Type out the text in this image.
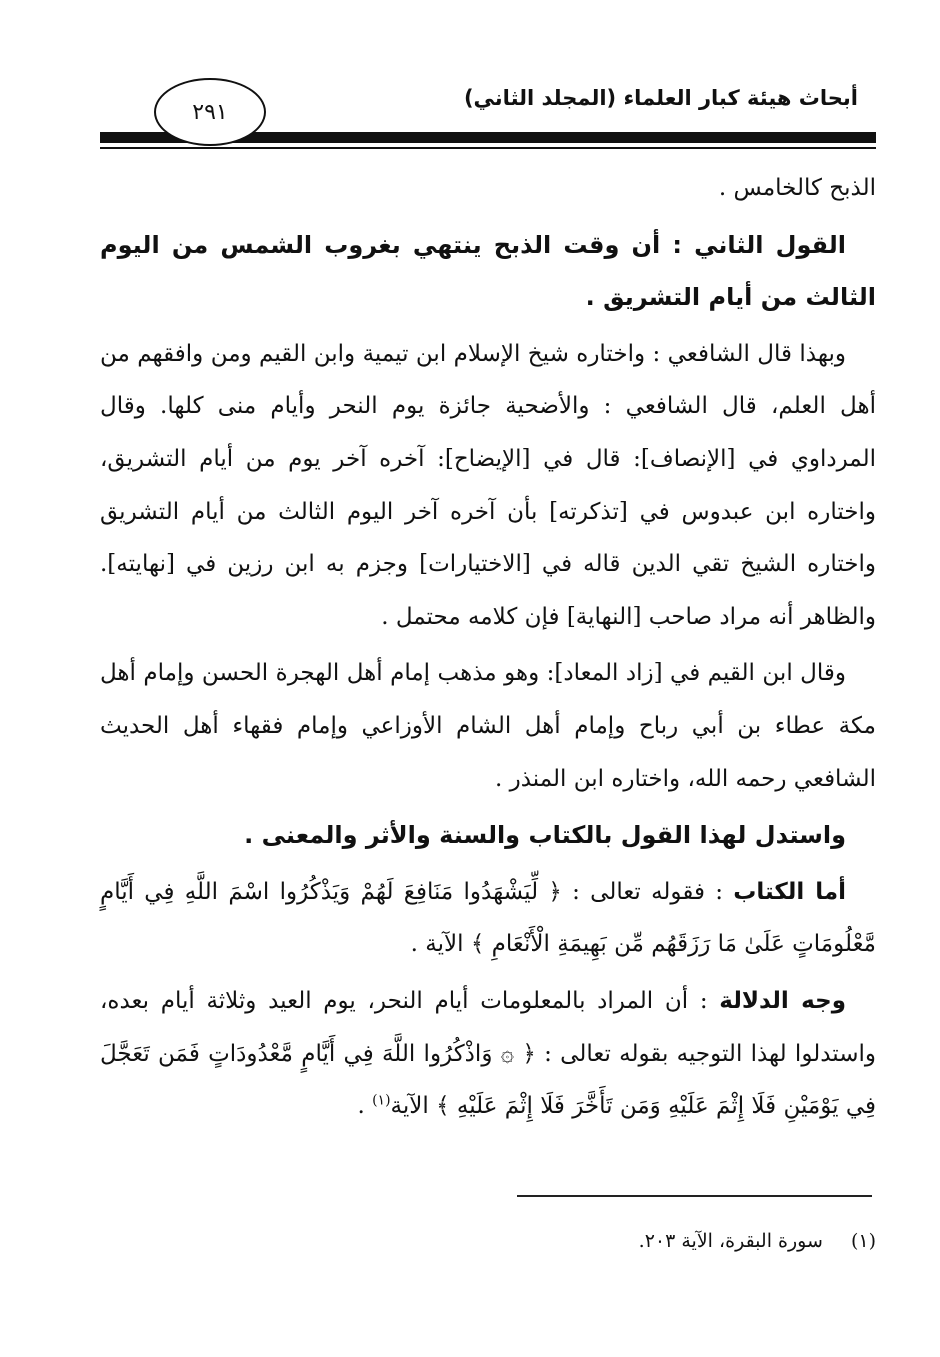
أبحاث هيئة كبار العلماء (المجلد الثاني)
٢٩١

الذبح كالخامس .

القول الثاني : أن وقت الذبح ينتهي بغروب الشمس من اليوم الثالث من أيام التشريق .

وبهذا قال الشافعي : واختاره شيخ الإسلام ابن تيمية وابن القيم ومن وافقهم من أهل العلم، قال الشافعي : والأضحية جائزة يوم النحر وأيام منى كلها. وقال المرداوي في [الإنصاف]: قال في [الإيضاح]: آخره آخر يوم من أيام التشريق، واختاره ابن عبدوس في [تذكرته] بأن آخره آخر اليوم الثالث من أيام التشريق واختاره الشيخ تقي الدين قاله في [الاختيارات] وجزم به ابن رزين في [نهايته]. والظاهر أنه مراد صاحب [النهاية] فإن كلامه محتمل .

وقال ابن القيم في [زاد المعاد]: وهو مذهب إمام أهل الهجرة الحسن وإمام أهل مكة عطاء بن أبي رباح وإمام أهل الشام الأوزاعي وإمام فقهاء أهل الحديث الشافعي رحمه الله، واختاره ابن المنذر .

واستدل لهذا القول بالكتاب والسنة والأثر والمعنى .

أما الكتاب : فقوله تعالى : ﴿ لِّيَشْهَدُوا مَنَافِعَ لَهُمْ وَيَذْكُرُوا اسْمَ اللَّهِ فِي أَيَّامٍ مَّعْلُومَاتٍ عَلَىٰ مَا رَزَقَهُم مِّن بَهِيمَةِ الْأَنْعَامِ ﴾ الآية .

وجه الدلالة : أن المراد بالمعلومات أيام النحر، يوم العيد وثلاثة أيام بعده، واستدلوا لهذا التوجيه بقوله تعالى : ﴿ ۞ وَاذْكُرُوا اللَّهَ فِي أَيَّامٍ مَّعْدُودَاتٍ فَمَن تَعَجَّلَ فِي يَوْمَيْنِ فَلَا إِثْمَ عَلَيْهِ وَمَن تَأَخَّرَ فَلَا إِثْمَ عَلَيْهِ ﴾ الآية$^{(١)}$ .

(١) سورة البقرة، الآية ٢٠٣.
